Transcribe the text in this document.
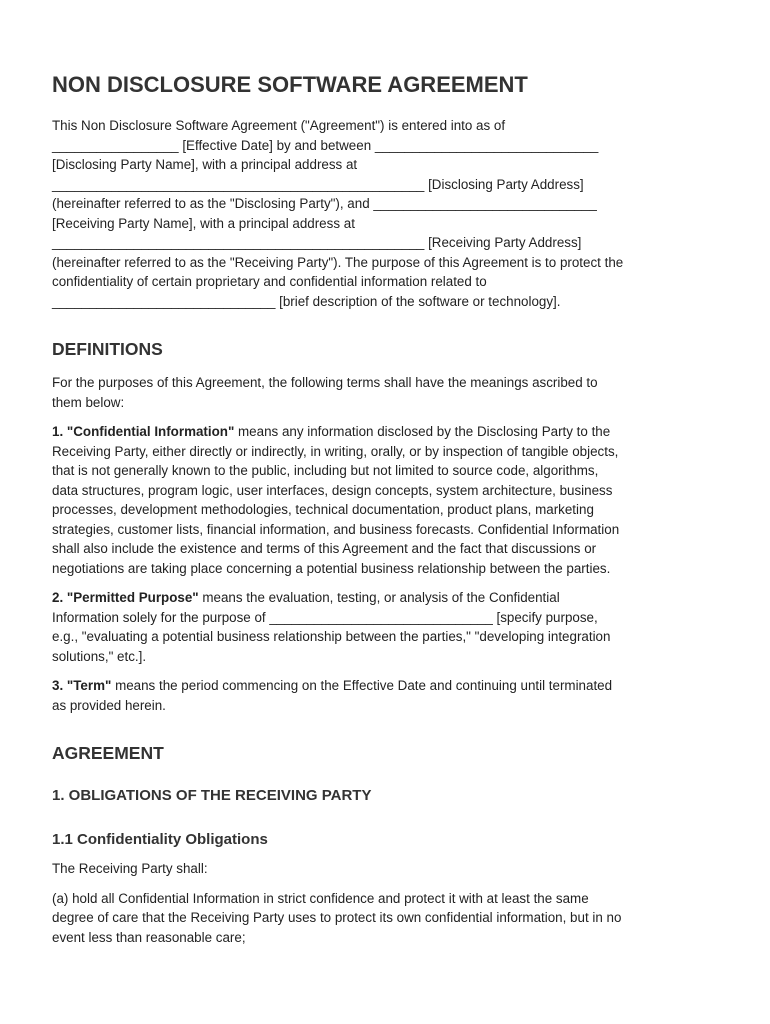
NON DISCLOSURE SOFTWARE AGREEMENT

This Non Disclosure Software Agreement ("Agreement") is entered into as of
_________________ [Effective Date] by and between ______________________________
[Disclosing Party Name], with a principal address at
__________________________________________________ [Disclosing Party Address]
(hereinafter referred to as the "Disclosing Party"), and ______________________________
[Receiving Party Name], with a principal address at
__________________________________________________ [Receiving Party Address]
(hereinafter referred to as the "Receiving Party"). The purpose of this Agreement is to protect the
confidentiality of certain proprietary and confidential information related to
______________________________ [brief description of the software or technology].

DEFINITIONS

For the purposes of this Agreement, the following terms shall have the meanings ascribed to
them below:

1. "Confidential Information" means any information disclosed by the Disclosing Party to the
Receiving Party, either directly or indirectly, in writing, orally, or by inspection of tangible objects,
that is not generally known to the public, including but not limited to source code, algorithms,
data structures, program logic, user interfaces, design concepts, system architecture, business
processes, development methodologies, technical documentation, product plans, marketing
strategies, customer lists, financial information, and business forecasts. Confidential Information
shall also include the existence and terms of this Agreement and the fact that discussions or
negotiations are taking place concerning a potential business relationship between the parties.

2. "Permitted Purpose" means the evaluation, testing, or analysis of the Confidential
Information solely for the purpose of ______________________________ [specify purpose,
e.g., "evaluating a potential business relationship between the parties," "developing integration
solutions," etc.].

3. "Term" means the period commencing on the Effective Date and continuing until terminated
as provided herein.

AGREEMENT
1. OBLIGATIONS OF THE RECEIVING PARTY
1.1 Confidentiality Obligations

The Receiving Party shall:

(a) hold all Confidential Information in strict confidence and protect it with at least the same
degree of care that the Receiving Party uses to protect its own confidential information, but in no
event less than reasonable care;
